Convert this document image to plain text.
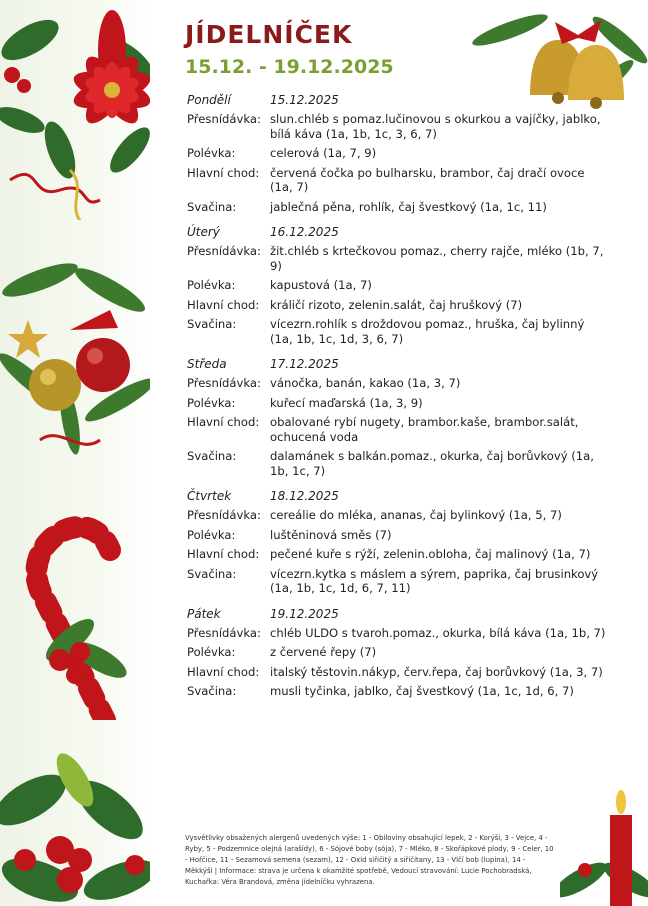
JÍDELNÍČEK
15.12. - 19.12.2025
Pondělí	15.12.2025
Přesnídávka: slun.chléb s pomaz.lučinovou s okurkou a vajíčky, jablko, bílá káva (1a, 1b, 1c, 3, 6, 7)
Polévka:	celerová (1a, 7, 9)
Hlavní chod: červená čočka po bulharsku, brambor, čaj dračí ovoce (1a, 7)
Svačina:	jablečná pěna, rohlík, čaj švestkový (1a, 1c, 11)
Úterý	16.12.2025
Přesnídávka: žit.chléb s krtečkovou pomaz., cherry rajče, mléko (1b, 7, 9)
Polévka:	kapustová (1a, 7)
Hlavní chod: králičí rizoto, zelenin.salát, čaj hruškový (7)
Svačina:	vícezrn.rohlík s droždovou pomaz., hruška, čaj bylinný (1a, 1b, 1c, 1d, 3, 6, 7)
Středa	17.12.2025
Přesnídávka: vánočka, banán, kakao (1a, 3, 7)
Polévka:	kuřecí maďarská (1a, 3, 9)
Hlavní chod: obalované rybí nugety, brambor.kaše, brambor.salát, ochucená voda
Svačina:	dalamánek s balkán.pomaz., okurka, čaj borůvkový (1a, 1b, 1c, 7)
Čtvrtek	18.12.2025
Přesnídávka: cereálie do mléka, ananas, čaj bylinkový (1a, 5, 7)
Polévka:	luštěninová směs (7)
Hlavní chod: pečené kuře s rýží, zelenin.obloha, čaj malinový (1a, 7)
Svačina:	vícezrn.kytka s máslem a sýrem, paprika, čaj brusinkový (1a, 1b, 1c, 1d, 6, 7, 11)
Pátek	19.12.2025
Přesnídávka: chléb ULDO s tvaroh.pomaz., okurka, bílá káva (1a, 1b, 7)
Polévka:	z červené řepy (7)
Hlavní chod: italský těstovin.nákyp, červ.řepa, čaj borůvkový (1a, 3, 7)
Svačina:	musli tyčinka, jablko, čaj švestkový (1a, 1c, 1d, 6, 7)
Vysvětlivky obsažených alergenů uvedených výše: 1 - Obiloviny obsahující lepek, 2 - Korýši, 3 - Vejce, 4 - Ryby, 5 - Podzemnice olejná (arašídy), 6 - Sójové boby (sója), 7 - Mléko, 8 - Skořápkové plody, 9 - Celer, 10 - Hořčice, 11 - Sezamová semena (sezam), 12 - Oxid siřičitý a siřičitany, 13 - Vlčí bob (lupina), 14 - Měkkýši | Informace: strava je určena k okamžité spotřebě, Vedoucí stravování: Lucie Pochobradská, Kuchařka: Věra Brandová, změna jídelníčku vyhrazena.
